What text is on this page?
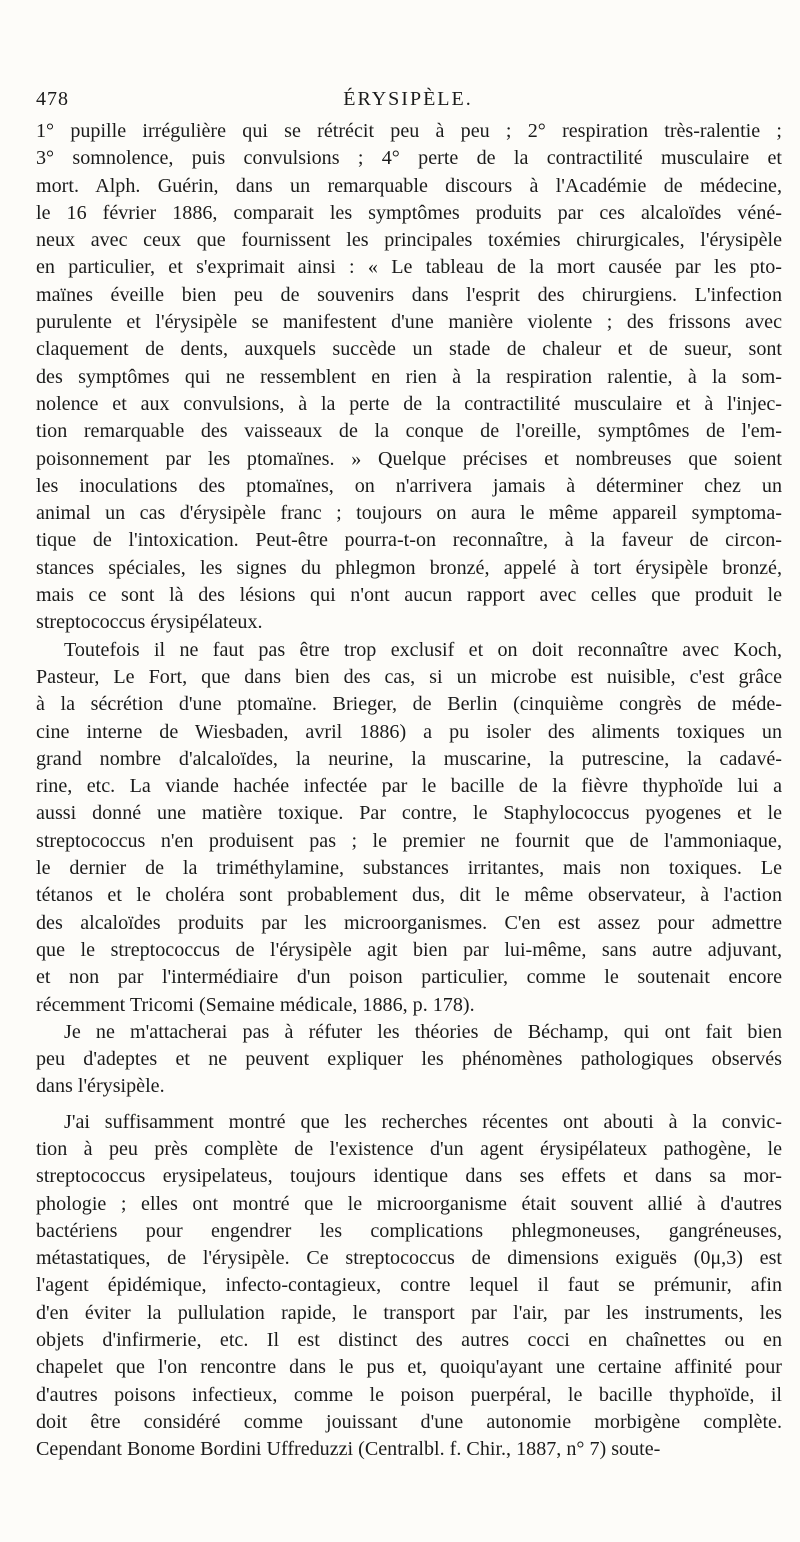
478	ÉRYSIPÈLE.
1° pupille irrégulière qui se rétrécit peu à peu ; 2° respiration très-ralentie ;
3° somnolence, puis convulsions ; 4° perte de la contractilité musculaire et
mort. Alph. Guérin, dans un remarquable discours à l'Académie de médecine,
le 16 février 1886, comparait les symptômes produits par ces alcaloïdes véné-
neux avec ceux que fournissent les principales toxémies chirurgicales, l'érysipèle
en particulier, et s'exprimait ainsi : « Le tableau de la mort causée par les pto-
maïnes éveille bien peu de souvenirs dans l'esprit des chirurgiens. L'infection
purulente et l'érysipèle se manifestent d'une manière violente ; des frissons avec
claquement de dents, auxquels succède un stade de chaleur et de sueur, sont
des symptômes qui ne ressemblent en rien à la respiration ralentie, à la som-
nolence et aux convulsions, à la perte de la contractilité musculaire et à l'injec-
tion remarquable des vaisseaux de la conque de l'oreille, symptômes de l'em-
poisonnement par les ptomaïnes. » Quelque précises et nombreuses que soient
les inoculations des ptomaïnes, on n'arrivera jamais à déterminer chez un
animal un cas d'érysipèle franc ; toujours on aura le même appareil symptoma-
tique de l'intoxication. Peut-être pourra-t-on reconnaître, à la faveur de circon-
stances spéciales, les signes du phlegmon bronzé, appelé à tort érysipèle bronzé,
mais ce sont là des lésions qui n'ont aucun rapport avec celles que produit le
streptococcus érysipélateux.
Toutefois il ne faut pas être trop exclusif et on doit reconnaître avec Koch,
Pasteur, Le Fort, que dans bien des cas, si un microbe est nuisible, c'est grâce
à la sécrétion d'une ptomaïne. Brieger, de Berlin (cinquième congrès de méde-
cine interne de Wiesbaden, avril 1886) a pu isoler des aliments toxiques un
grand nombre d'alcaloïdes, la neurine, la muscarine, la putrescine, la cadavé-
rine, etc. La viande hachée infectée par le bacille de la fièvre thyphoïde lui a
aussi donné une matière toxique. Par contre, le Staphylococcus pyogenes et le
streptococcus n'en produisent pas ; le premier ne fournit que de l'ammoniaque,
le dernier de la triméthylamine, substances irritantes, mais non toxiques. Le
tétanos et le choléra sont probablement dus, dit le même observateur, à l'action
des alcaloïdes produits par les microorganismes. C'en est assez pour admettre
que le streptococcus de l'érysipèle agit bien par lui-même, sans autre adjuvant,
et non par l'intermédiaire d'un poison particulier, comme le soutenait encore
récemment Tricomi (Semaine médicale, 1886, p. 178).
Je ne m'attacherai pas à réfuter les théories de Béchamp, qui ont fait bien
peu d'adeptes et ne peuvent expliquer les phénomènes pathologiques observés
dans l'érysipèle.
J'ai suffisamment montré que les recherches récentes ont abouti à la convic-
tion à peu près complète de l'existence d'un agent érysipélateux pathogène, le
streptococcus erysipelateus, toujours identique dans ses effets et dans sa mor-
phologie ; elles ont montré que le microorganisme était souvent allié à d'autres
bactériens pour engendrer les complications phlegmoneuses, gangréneuses,
métastatiques, de l'érysipèle. Ce streptococcus de dimensions exiguës (0μ,3) est
l'agent épidémique, infecto-contagieux, contre lequel il faut se prémunir, afin
d'en éviter la pullulation rapide, le transport par l'air, par les instruments, les
objets d'infirmerie, etc. Il est distinct des autres cocci en chaînettes ou en
chapelet que l'on rencontre dans le pus et, quoiqu'ayant une certaine affinité pour
d'autres poisons infectieux, comme le poison puerpéral, le bacille thyphoïde, il
doit être considéré comme jouissant d'une autonomie morbigène complète.
Cependant Bonome Bordini Uffreduzzi (Centralbl. f. Chir., 1887, n° 7) soute-
